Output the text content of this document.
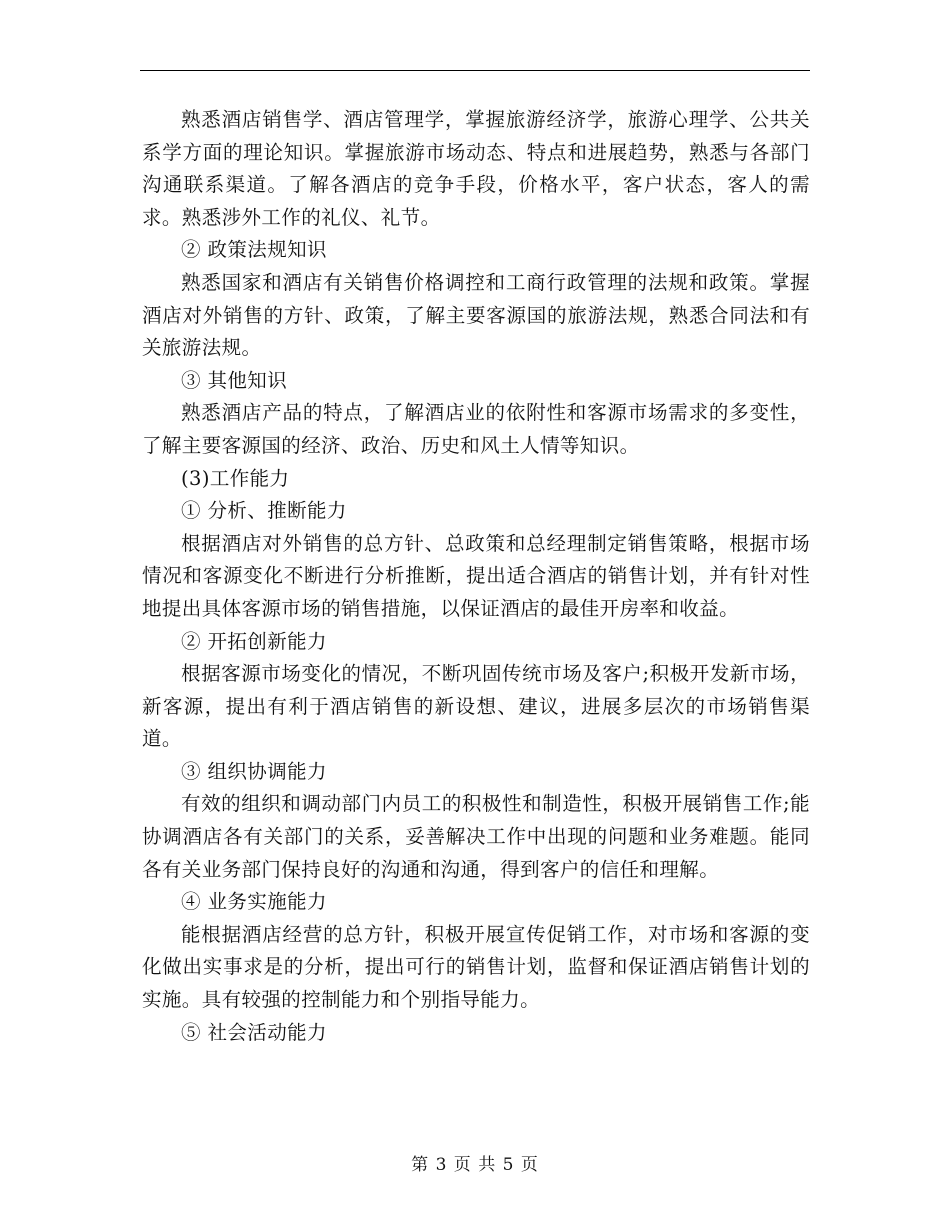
熟悉酒店销售学、酒店管理学，掌握旅游经济学，旅游心理学、公共关系学方面的理论知识。掌握旅游市场动态、特点和进展趋势，熟悉与各部门沟通联系渠道。了解各酒店的竞争手段，价格水平，客户状态，客人的需求。熟悉涉外工作的礼仪、礼节。

② 政策法规知识

熟悉国家和酒店有关销售价格调控和工商行政管理的法规和政策。掌握酒店对外销售的方针、政策，了解主要客源国的旅游法规，熟悉合同法和有关旅游法规。

③ 其他知识

熟悉酒店产品的特点，了解酒店业的依附性和客源市场需求的多变性，了解主要客源国的经济、政治、历史和风土人情等知识。

(3)工作能力

① 分析、推断能力

根据酒店对外销售的总方针、总政策和总经理制定销售策略，根据市场情况和客源变化不断进行分析推断，提出适合酒店的销售计划，并有针对性地提出具体客源市场的销售措施，以保证酒店的最佳开房率和收益。

② 开拓创新能力

根据客源市场变化的情况，不断巩固传统市场及客户;积极开发新市场，新客源，提出有利于酒店销售的新设想、建议，进展多层次的市场销售渠道。

③ 组织协调能力

有效的组织和调动部门内员工的积极性和制造性，积极开展销售工作;能协调酒店各有关部门的关系，妥善解决工作中出现的问题和业务难题。能同各有关业务部门保持良好的沟通和沟通，得到客户的信任和理解。

④ 业务实施能力

能根据酒店经营的总方针，积极开展宣传促销工作，对市场和客源的变化做出实事求是的分析，提出可行的销售计划，监督和保证酒店销售计划的实施。具有较强的控制能力和个别指导能力。

⑤ 社会活动能力

第 3 页 共 5 页
